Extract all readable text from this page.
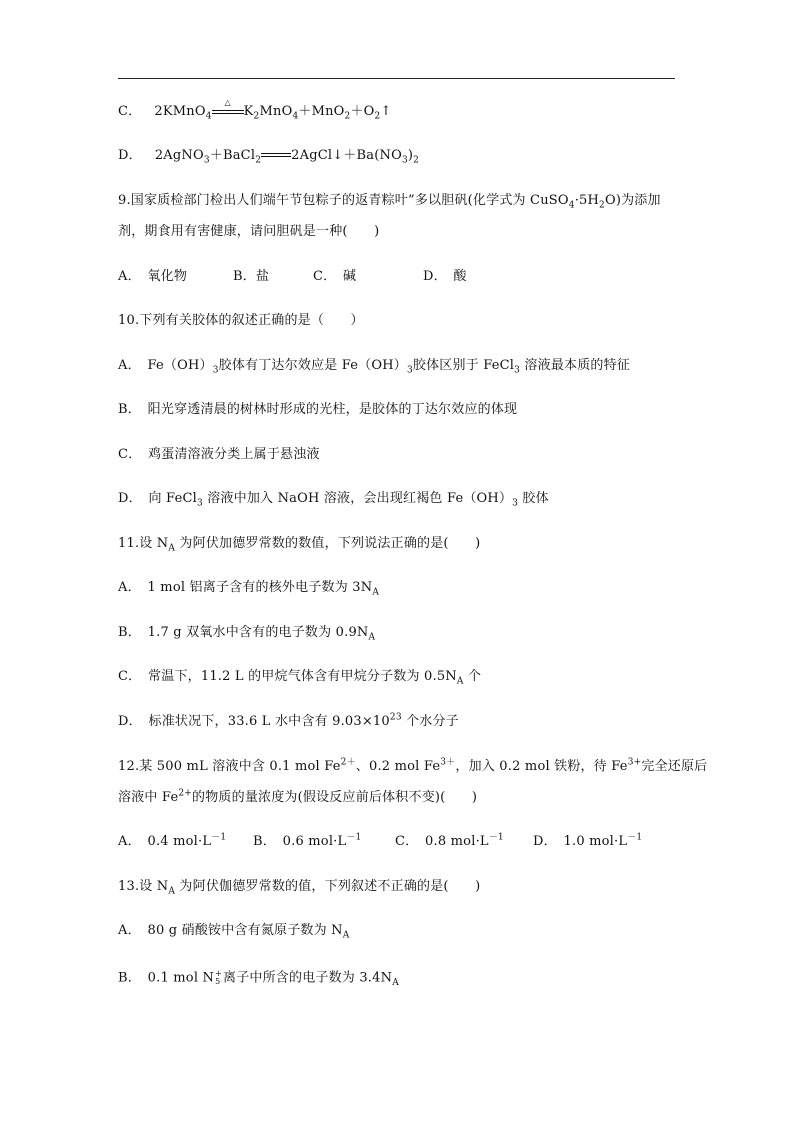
C． 2KMnO$_4$
△
$K_2MnO_4+MnO_2+O_2↑$
D． 2AgNO$_3$＋BaCl$_2$ $2AgCl↓+Ba(NO_3)_2$
9.国家质检部门检出人们端午节包粽子的返青粽叶”多以胆矾(化学式为 $CuSO_4\cdot 5H_2O$)为添加
剂，期食用有害健康，请问胆矾是一种(　　)
A．　氧化物	B．盐	C．　碱	D．　酸
10.下列有关胶体的叙述正确的是（　　）
A．　$Fe(OH)_3$胶体有丁达尔效应是 $Fe(OH)_3$胶体区别于 FeCl$_3$ 溶液最本质的特征
B．　阳光穿透清晨的树林时形成的光柱，是胶体的丁达尔效应的体现
C．　鸡蛋清溶液分类上属于悬浊液
D．　向 FeCl$_3$ 溶液中加入 NaOH 溶液，会出现红褐色 $Fe(OH)_3$ 胶体
11.设 $N_A$ 为阿伏加德罗常数的数值，下列说法正确的是(　　)
A．　1 mol 铝离子含有的核外电子数为 $3N_A$
B．　1.7 g 双氧水中含有的电子数为 $0.9N_A$
C．　常温下，11.2 L 的甲烷气体含有甲烷分子数为 $0.5N_A$ 个
D．　标准状况下，33.6 L 水中含有 $9.03\times 10^{23}$ 个水分子
12.某 500 mL 溶液中含 0.1 mol $Fe^{2+}$、0.2 mol $Fe^{3+}$，加入 0.2 mol 铁粉，待 $Fe^{3+}$完全还原后
溶液中 $Fe^{2+}$的物质的量浓度为(假设反应前后体积不变)(　　)
A．　0.4 $mol\cdot L^{-1}$ B．　0.6 $mol\cdot L^{-1}$	C．　0.8 $mol\cdot L^{-1}$ D．　1.0 $mol\cdot L^{-1}$
13.设 $N_A$ 为阿伏伽德罗常数的值，下列叙述不正确的是(　　)
A．　80 g 硝酸铵中含有氮原子数为 $N_A$
B．　0.1 mol N +
5 离子中所含的电子数为 $3.4N_A$
